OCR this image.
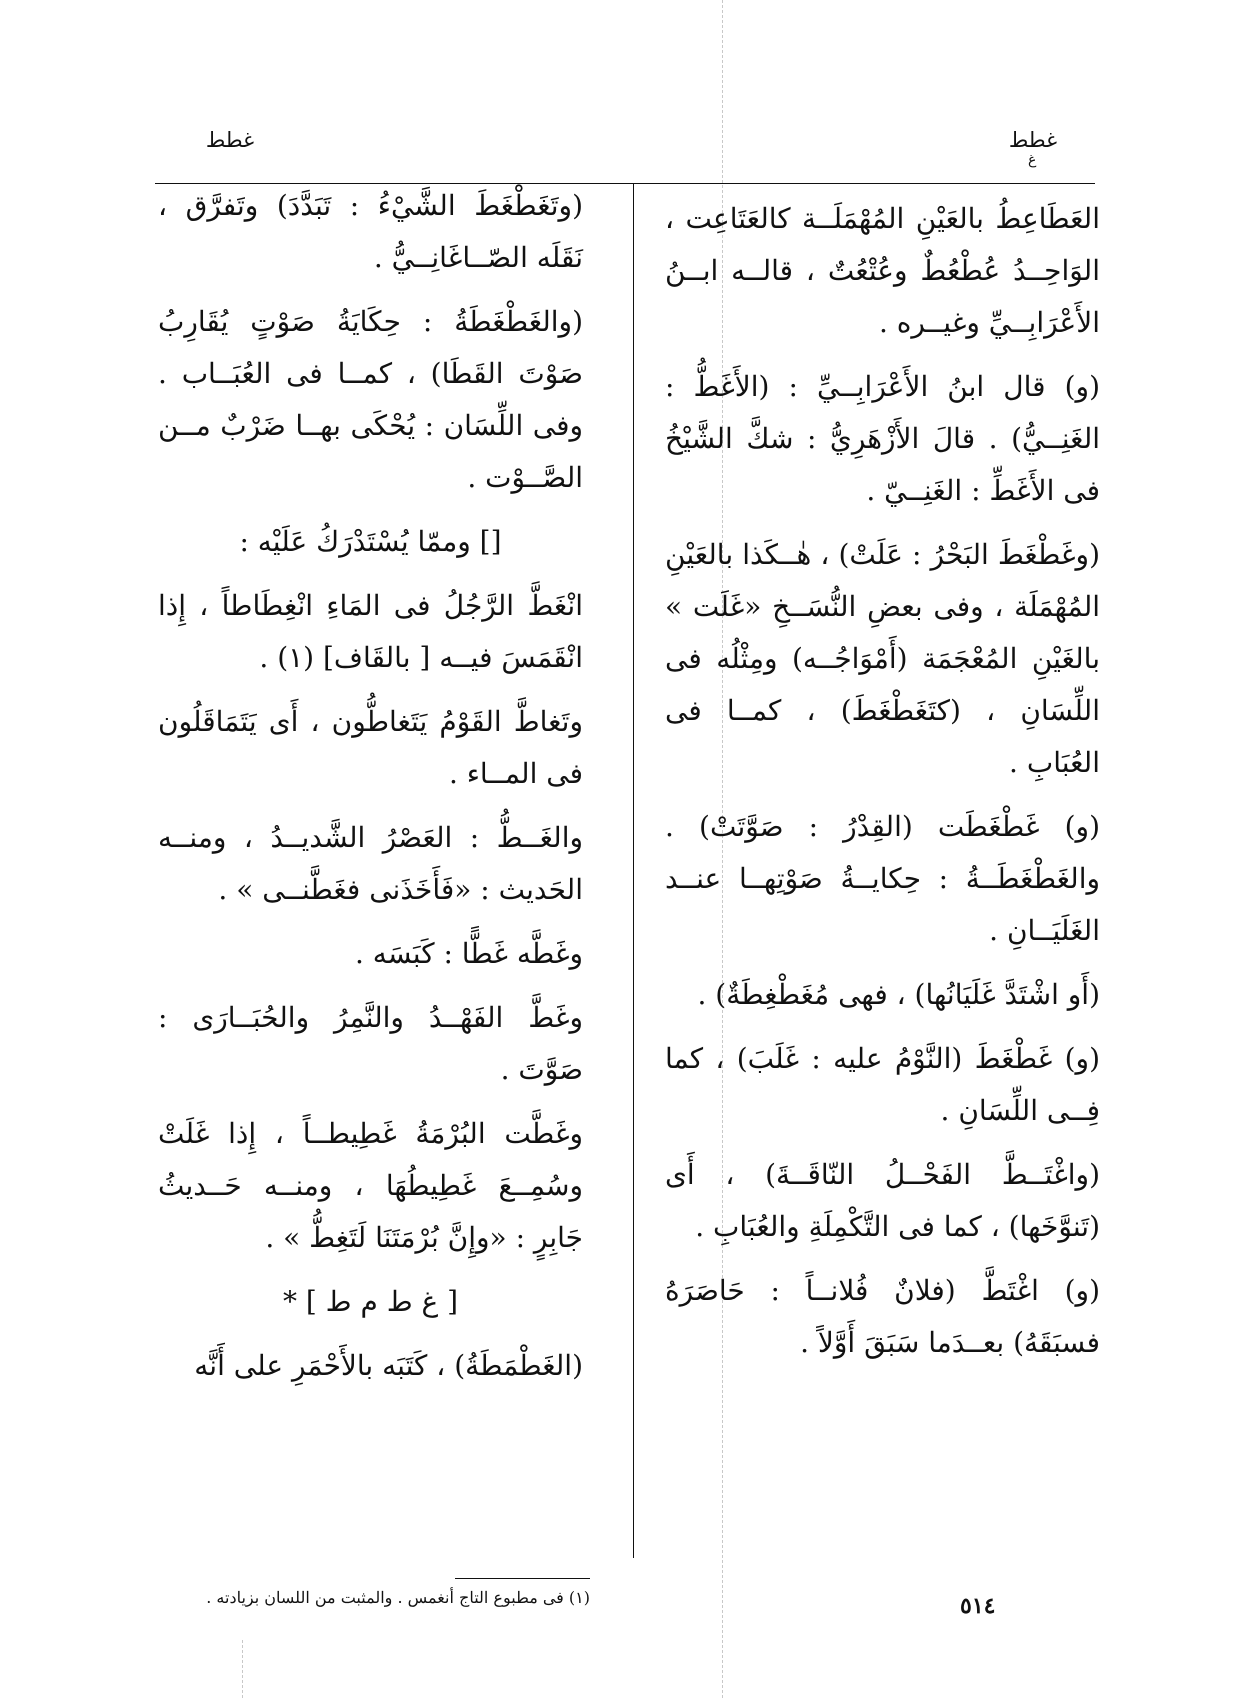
غطط
غ
غطط

العَطَاعِطُ بالعَيْنِ المُهْمَلَــة كالعَتَاعِت ، الوَاحِــدُ عُطْعُطٌ وعُتْعُتٌ ، قالــه ابــنُ الأَعْرَابِــيِّ وغيــره .

(و) قال ابنُ الأَعْرَابِــيِّ : (الأَغَطُّ : الغَنِــيُّ) . قالَ الأَزْهَرِيُّ : شكَّ الشَّيْخُ فى الأَغَطِّ : الغَنِــيّ .

(وغَطْغَطَ البَحْرُ : عَلَتْ) ، هٰــكَذا بالعَيْنِ المُهْمَلَة ، وفى بعضِ النُّسَــخِ «غَلَت » بالغَيْنِ المُعْجَمَة (أَمْوَاجُــه) ومِثْلُه فى اللِّسَانِ ، (كتَغَطْغَطَ) ، كمــا فى العُبَابِ .

(و) غَطْغَطَت (القِدْرُ : صَوَّتَتْ) . والغَطْغَطَــةُ : حِكايــةُ صَوْتِهــا عنــد الغَلَيَــانِ .

(أَو اشْتَدَّ غَلَيَانُها) ، فهى مُغَطْغِطَةٌ) .

(و) غَطْغَطَ (النَّوْمُ عليه : غَلَبَ) ، كما فِــى اللِّسَانِ .

(واغْتَــطَّ الفَحْــلُ النّاقَــةَ) ، أَى (تَنوَّخَها) ، كما فى التَّكْمِلَةِ والعُبَابِ .

(و) اغْتَطَّ (فلانٌ فُلانــاً : حَاصَرَهُ فسبَقَهُ) بعــدَما سَبَقَ أَوَّلاً .

(وتَغَطْغَطَ الشَّيْءُ : تَبَدَّدَ) وتَفرَّق ، نَقَلَه الصّــاغَانِــيُّ .

(والغَطْغَطَةُ : حِكَايَةُ صَوْتٍ يُقَارِبُ صَوْتَ القَطَا) ، كمــا فى العُبَــاب . وفى اللِّسَان : يُحْكَى بهــا ضَرْبٌ مــن الصَّــوْت .

[] وممّا يُسْتَدْرَكُ عَلَيْه :

انْغَطَّ الرَّجُلُ فى المَاءِ انْغِطَاطاً ، إِذا انْقَمَسَ فيــه [ بالقَاف] (١) .

وتَغاطَّ القَوْمُ يَتَغاطُّون ، أَى يَتَمَاقَلُون فى المــاء .

والغَــطُّ : العَصْرُ الشَّديــدُ ، ومنــه الحَديث : «فَأَخَذَنى فغَطَّنــى » .

وغَطَّه غَطًّا : كَبَسَه .

وغَطَّ الفَهْــدُ والنَّمِرُ والحُبَــارَى : صَوَّتَ .

وغَطَّت البُرْمَةُ غَطِيطــاً ، إِذا غَلَتْ وسُمِــعَ غَطِيطُهَا ، ومنــه حَــديثُ جَابِرٍ : «وإِنَّ بُرْمَتَنَا لَتَغِطُّ » .

[ غ ط م ط ] *

(الغَطْمَطَةُ) ، كَتَبَه بالأَحْمَرِ على أَنَّه

(١) فى مطبوع التاج أنغمس . والمثبت من اللسان بزيادته .	٥١٤
